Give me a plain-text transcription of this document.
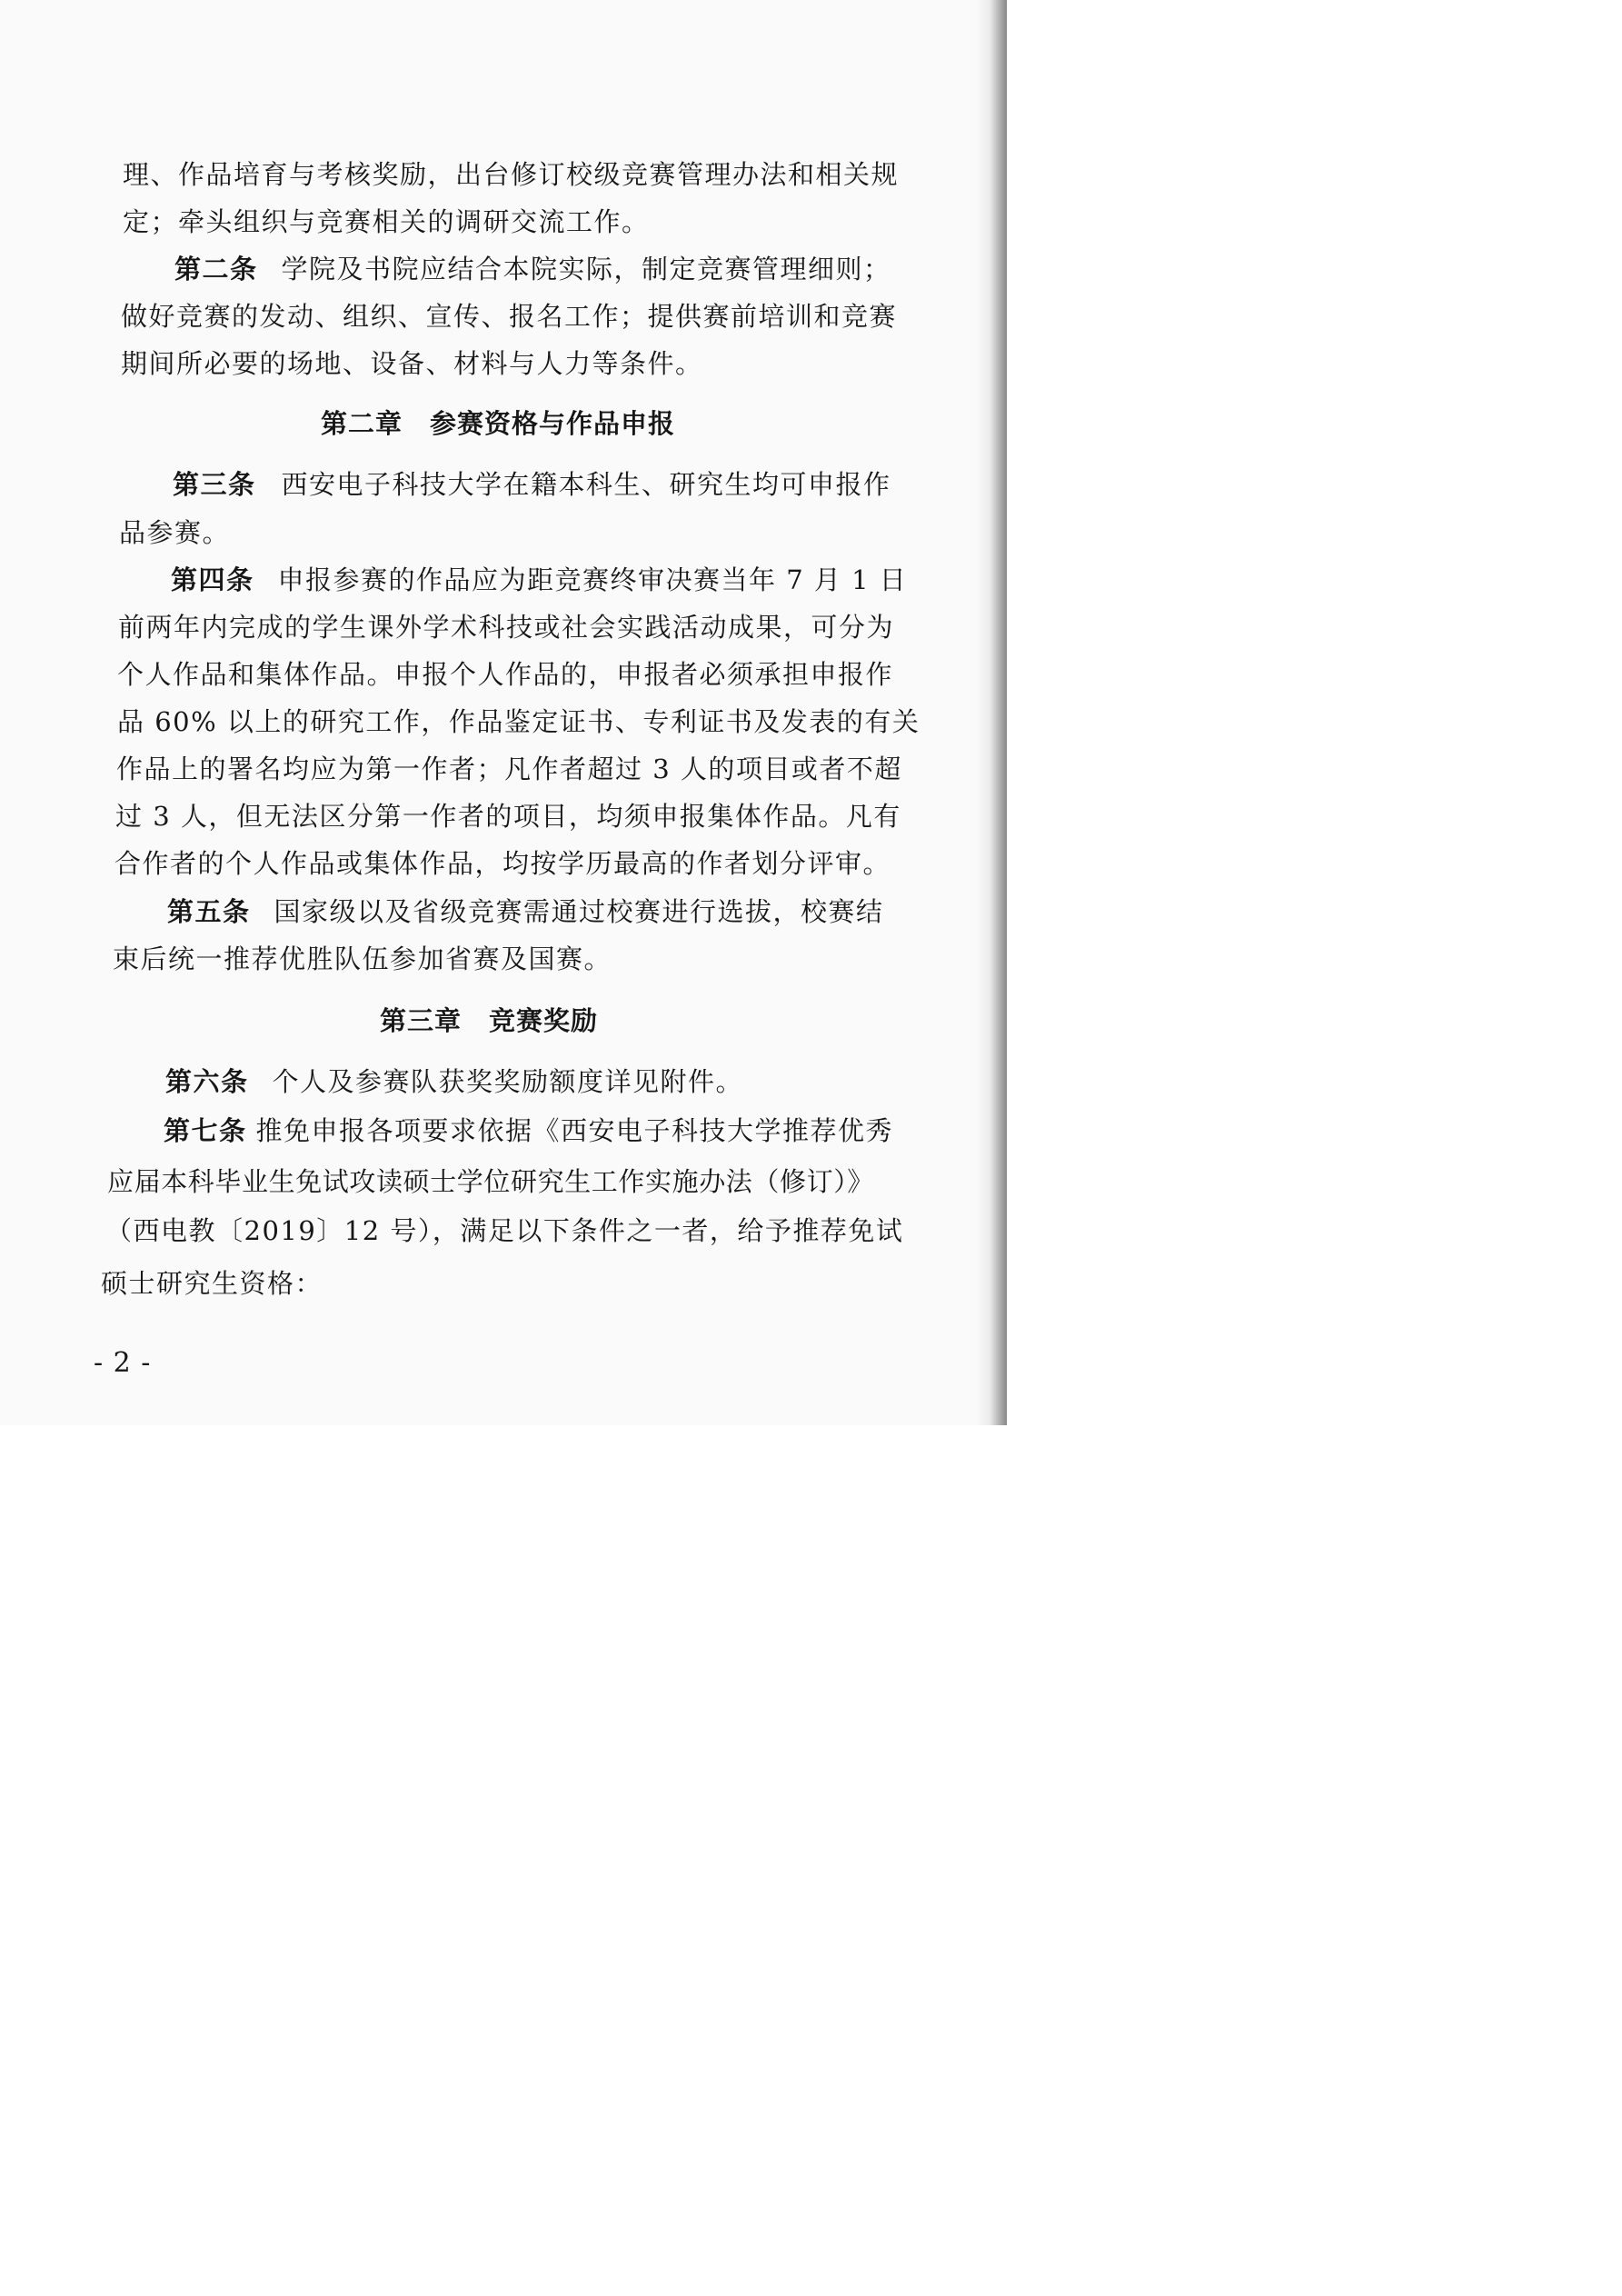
理、作品培育与考核奖励，出台修订校级竞赛管理办法和相关规
定；牵头组织与竞赛相关的调研交流工作。
第二条 学院及书院应结合本院实际，制定竞赛管理细则；
做好竞赛的发动、组织、宣传、报名工作；提供赛前培训和竞赛
期间所必要的场地、设备、材料与人力等条件。
第二章 参赛资格与作品申报
第三条 西安电子科技大学在籍本科生、研究生均可申报作
品参赛。
第四条 申报参赛的作品应为距竞赛终审决赛当年 7 月 1 日
前两年内完成的学生课外学术科技或社会实践活动成果，可分为
个人作品和集体作品。申报个人作品的，申报者必须承担申报作
品 60% 以上的研究工作，作品鉴定证书、专利证书及发表的有关
作品上的署名均应为第一作者；凡作者超过 3 人的项目或者不超
过 3 人，但无法区分第一作者的项目，均须申报集体作品。凡有
合作者的个人作品或集体作品，均按学历最高的作者划分评审。
第五条 国家级以及省级竞赛需通过校赛进行选拔，校赛结
束后统一推荐优胜队伍参加省赛及国赛。
第三章 竞赛奖励
第六条 个人及参赛队获奖奖励额度详见附件。
第七条 推免申报各项要求依据《西安电子科技大学推荐优秀
应届本科毕业生免试攻读硕士学位研究生工作实施办法（修订）》
（西电教〔2019〕12 号），满足以下条件之一者，给予推荐免试
硕士研究生资格：
- 2 -
